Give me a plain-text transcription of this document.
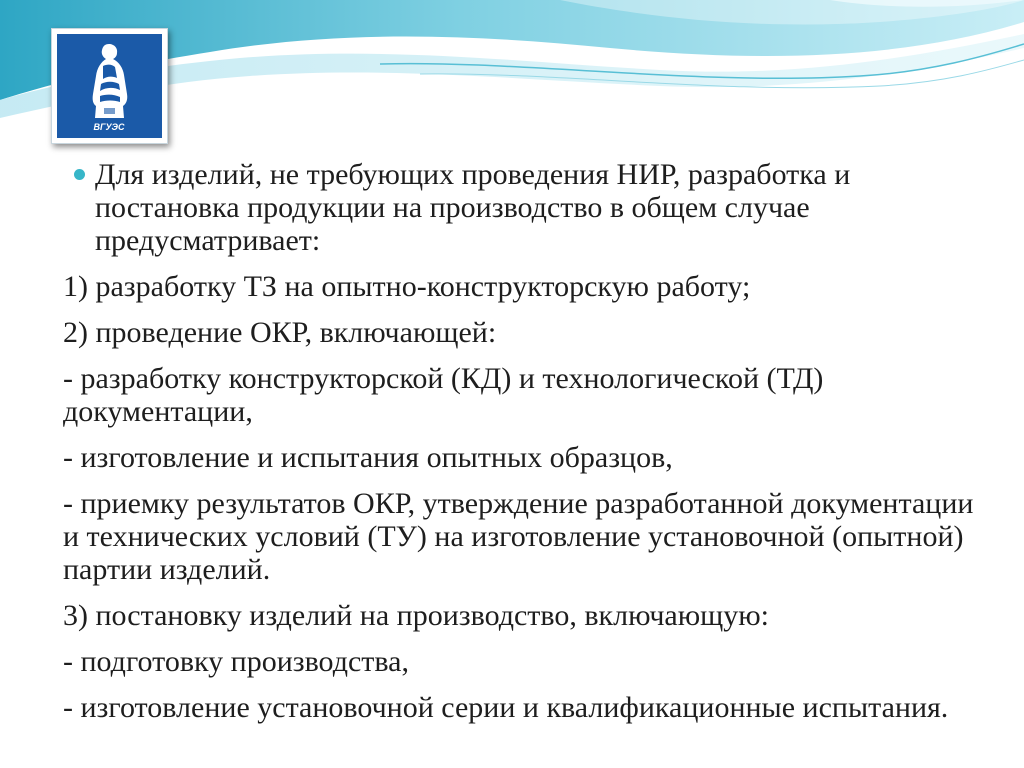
ВГУЭС
Для изделий, не требующих проведения НИР, разработка и постановка продукции на производство в общем случае предусматривает:
1) разработку ТЗ на опытно-конструкторскую работу;
2) проведение ОКР, включающей:
- разработку конструкторской (КД) и технологической (ТД) документации,
- изготовление и испытания опытных образцов,
- приемку результатов ОКР, утверждение разработанной документации и технических условий (ТУ) на изготовление установочной (опытной) партии изделий.
3) постановку изделий на производство, включающую:
- подготовку производства,
- изготовление установочной серии и квалификационные испытания.
